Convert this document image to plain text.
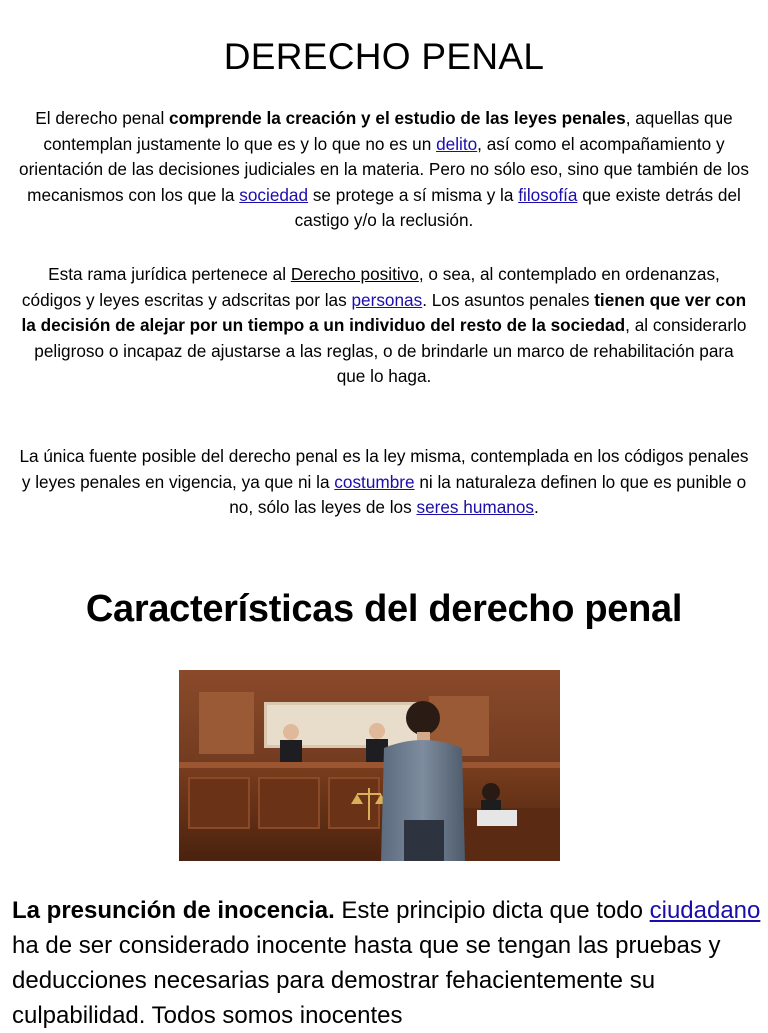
DERECHO PENAL

El derecho penal comprende la creación y el estudio de las leyes penales, aquellas que contemplan justamente lo que es y lo que no es un delito, así como el acompañamiento y orientación de las decisiones judiciales en la materia. Pero no sólo eso, sino que también de los mecanismos con los que la sociedad se protege a sí misma y la filosofía que existe detrás del castigo y/o la reclusión.

Esta rama jurídica pertenece al Derecho positivo, o sea, al contemplado en ordenanzas, códigos y leyes escritas y adscritas por las personas. Los asuntos penales tienen que ver con la decisión de alejar por un tiempo a un individuo del resto de la sociedad, al considerarlo peligroso o incapaz de ajustarse a las reglas, o de brindarle un marco de rehabilitación para que lo haga.

La única fuente posible del derecho penal es la ley misma, contemplada en los códigos penales y leyes penales en vigencia, ya que ni la costumbre ni la naturaleza definen lo que es punible o no, sólo las leyes de los seres humanos.

Características del derecho penal
La presunción de inocencia. Este principio dicta que todo ciudadano ha de ser considerado inocente hasta que se tengan las pruebas y deducciones necesarias para demostrar fehacientemente su culpabilidad. Todos somos inocentes
